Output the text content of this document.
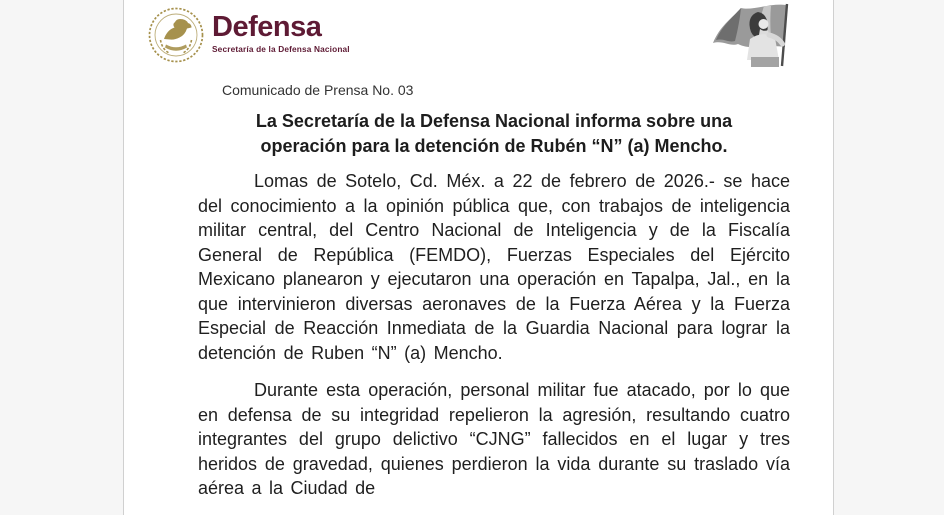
Defensa
Secretaría de la Defensa Nacional
Comunicado de Prensa No. 03
La Secretaría de la Defensa Nacional informa sobre una
operación para la detención de Rubén “N” (a) Mencho.

Lomas de Sotelo, Cd. Méx. a 22 de febrero de 2026.- se hace del conocimiento a la opinión pública que, con trabajos de inteligencia militar central, del Centro Nacional de Inteligencia y de la Fiscalía General de República (FEMDO), Fuerzas Especiales del Ejército Mexicano planearon y ejecutaron una operación en Tapalpa, Jal., en la que intervinieron diversas aeronaves de la Fuerza Aérea y la Fuerza Especial de Reacción Inmediata de la Guardia Nacional para lograr la detención de Ruben “N” (a) Mencho.

Durante esta operación, personal militar fue atacado, por lo que en defensa de su integridad repelieron la agresión, resultando cuatro integrantes del grupo delictivo “CJNG” fallecidos en el lugar y tres heridos de gravedad, quienes perdieron la vida durante su traslado vía aérea a la Ciudad de
